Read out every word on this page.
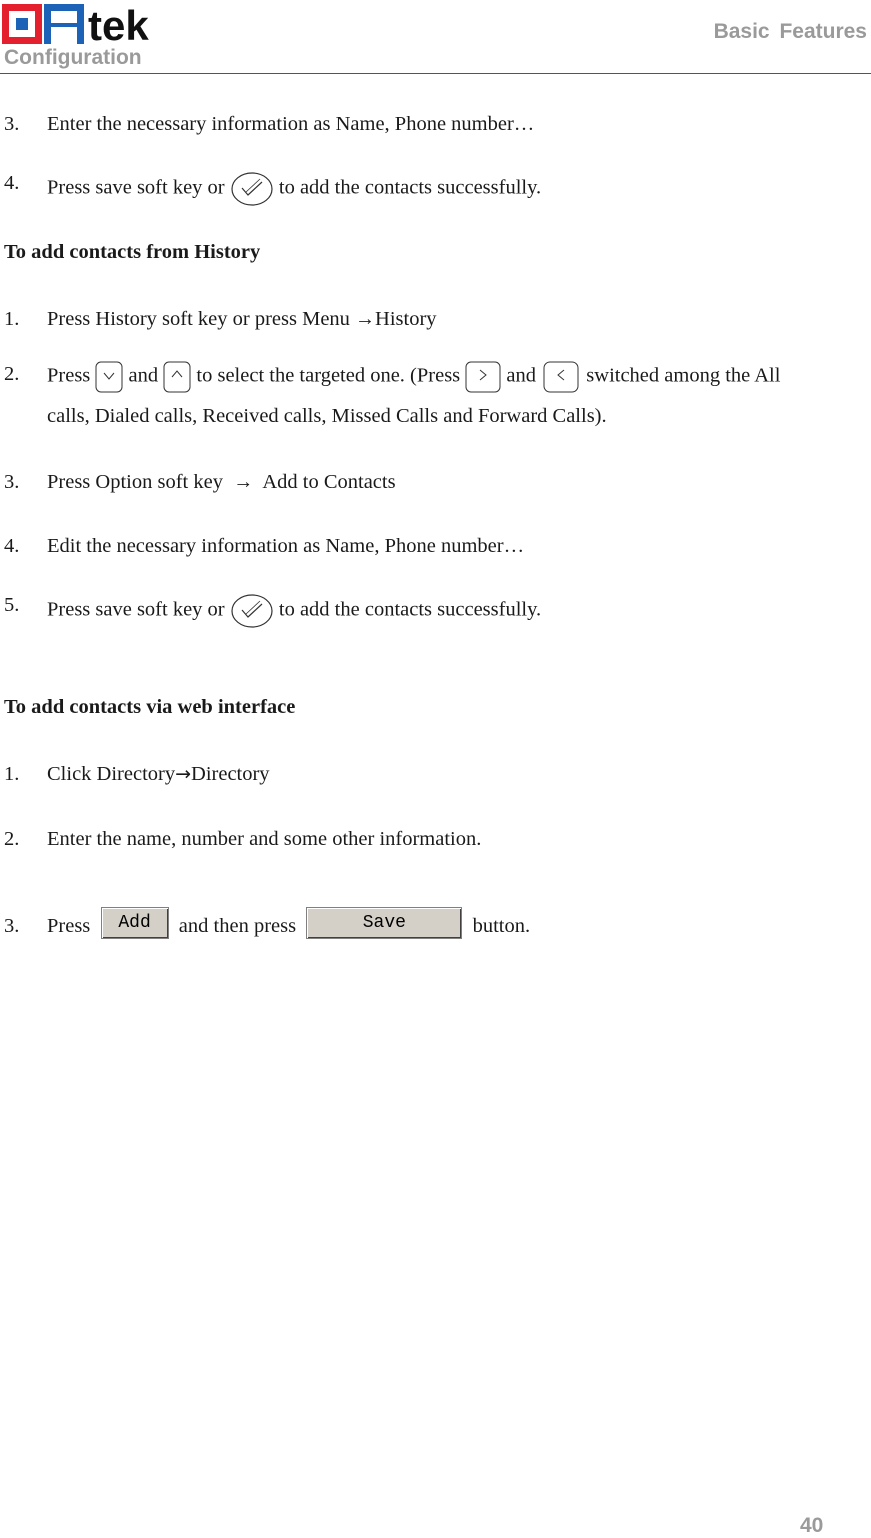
tek
Configuration
Basic Features
3. Enter the necessary information as Name, Phone number…
4. Press save soft key or	to add the contacts successfully.
To add contacts from History
1. Press History soft key or press Menu →History
2. Press and to select the targeted one. (Press and switched among the All
calls, Dialed calls, Received calls, Missed Calls and Forward Calls).
3. Press Option soft key → Add to Contacts
4. Edit the necessary information as Name, Phone number…
5. Press save soft key or	to add the contacts successfully.
To add contacts via web interface
1. Click Directory→Directory
2. Enter the name, number and some other information.
3. Press Add and then press	Save	button.
40
